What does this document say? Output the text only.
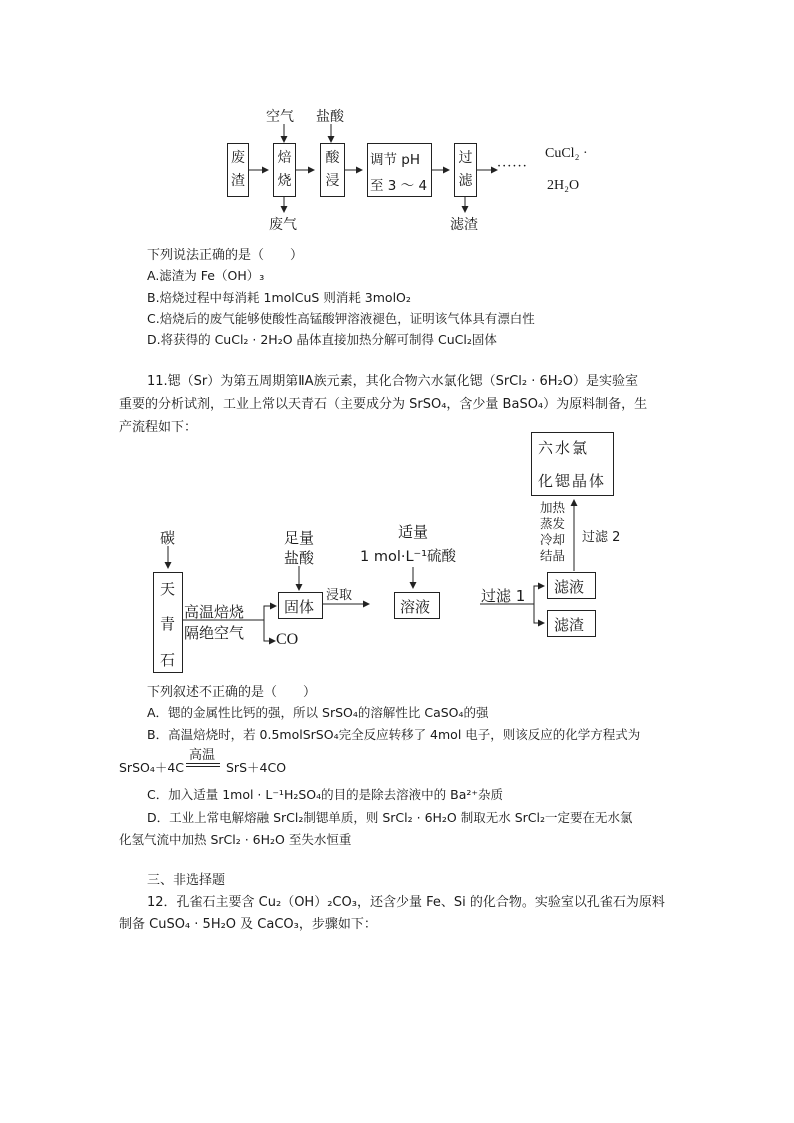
空气 盐酸
废渣
焙烧
酸浸
调节 pH
至 3 ～ 4
过滤
······
CuCl₂ ·
2H₂O
废气	滤渣
下列说法正确的是（　　）
A.滤渣为 Fe（OH）₃
B.焙烧过程中每消耗 1molCuS 则消耗 3molO₂
C.焙烧后的废气能够使酸性高锰酸钾溶液褪色，证明该气体具有漂白性
D.将获得的 CuCl₂ · 2H₂O 晶体直接加热分解可制得 CuCl₂固体
11.锶（Sr）为第五周期第ⅡA族元素，其化合物六水氯化锶（SrCl₂ · 6H₂O）是实验室
重要的分析试剂，工业上常以天青石（主要成分为 SrSO₄，含少量 BaSO₄）为原料制备，生
产流程如下：
六水氯
化锶晶体
加热
蒸发
冷却
结晶
过滤 2
碳
天
青
石
高温焙烧
隔绝空气 CO
足量
盐酸
固体
浸取
适量
1 mol·L⁻¹硫酸
溶液
过滤 1 滤液
滤渣
下列叙述不正确的是（　　）
A．锶的金属性比钙的强，所以 SrSO₄的溶解性比 CaSO₄的强
B．高温焙烧时，若 0.5molSrSO₄完全反应转移了 4mol 电子，则该反应的化学方程式为
SrSO₄＋4C
高温
SrS＋4CO
C．加入适量 1mol · L⁻¹H₂SO₄的目的是除去溶液中的 Ba²⁺杂质
D．工业上常电解熔融 SrCl₂制锶单质，则 SrCl₂ · 6H₂O 制取无水 SrCl₂一定要在无水氯
化氢气流中加热 SrCl₂ · 6H₂O 至失水恒重
三、非选择题
12．孔雀石主要含 Cu₂（OH）₂CO₃，还含少量 Fe、Si 的化合物。实验室以孔雀石为原料
制备 CuSO₄ · 5H₂O 及 CaCO₃，步骤如下：
